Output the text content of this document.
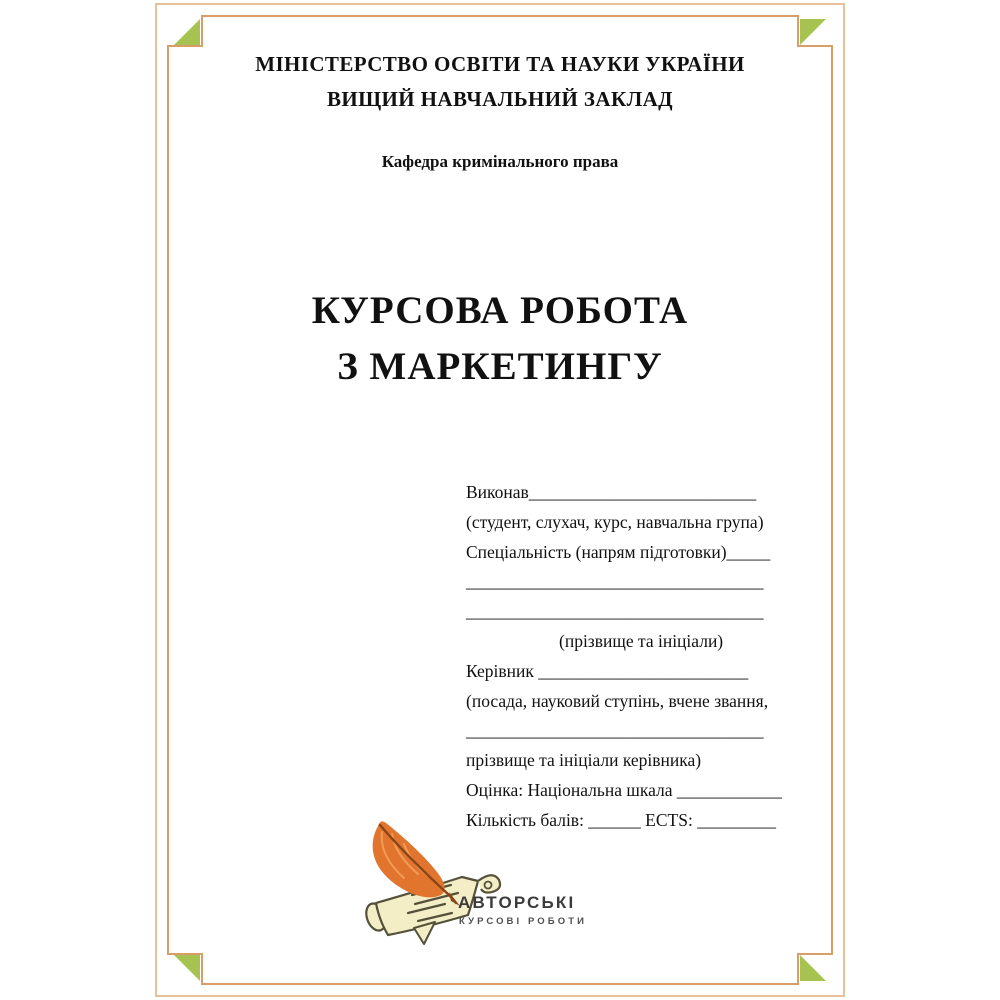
МІНІСТЕРСТВО ОСВІТИ ТА НАУКИ УКРАЇНИ
ВИЩИЙ НАВЧАЛЬНИЙ ЗАКЛАД
Кафедра кримінального права
КУРСОВА РОБОТА
З МАРКЕТИНГУ
Виконав__________________________
(студент, слухач, курс, навчальна група)
Спеціальність (напрям підготовки)_____
__________________________________
__________________________________
(прізвище та ініціали)
Керівник ________________________
(посада, науковий ступінь, вчене звання,
__________________________________
прізвище та ініціали керівника)
Оцінка: Національна шкала ____________
Кількість балів: ______ ECTS: _________
АВТОРСЬКІ
КУРСОВІ РОБОТИ
